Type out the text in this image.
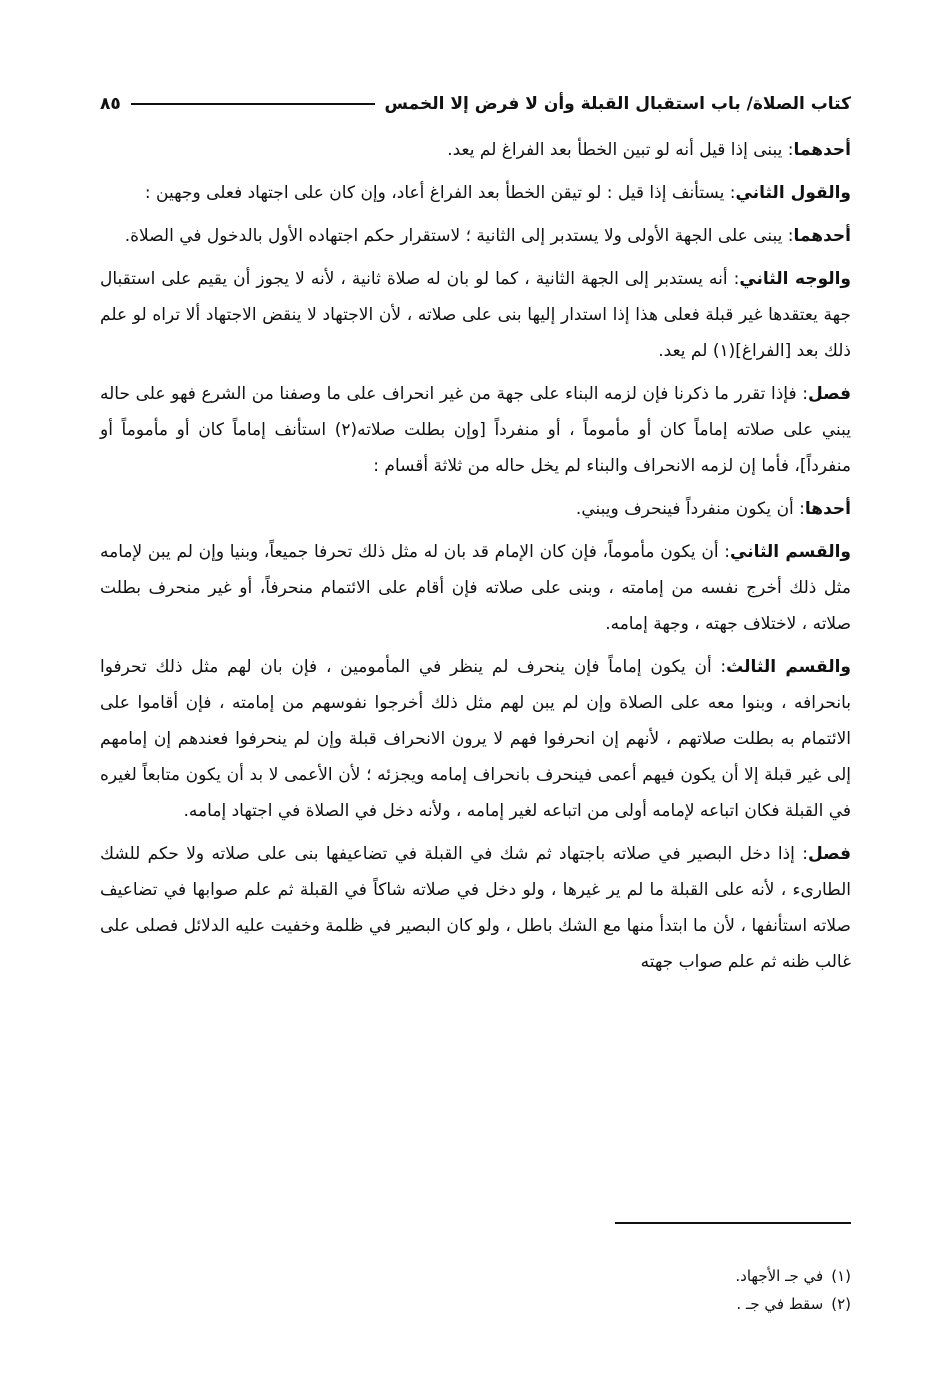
كتاب الصلاة/ باب استقبال القبلة وأن لا فرض إلا الخمس
٨٥

أحدهما: يبنى إذا قيل أنه لو تبين الخطأ بعد الفراغ لم يعد.

والقول الثاني: يستأنف إذا قيل : لو تيقن الخطأ بعد الفراغ أعاد، وإن كان على اجتهاد فعلى وجهين :

أحدهما: يبنى على الجهة الأولى ولا يستدبر إلى الثانية ؛ لاستقرار حكم اجتهاده الأول بالدخول في الصلاة.

والوجه الثاني: أنه يستدبر إلى الجهة الثانية ، كما لو بان له صلاة ثانية ، لأنه لا يجوز أن يقيم على استقبال جهة يعتقدها غير قبلة فعلى هذا إذا استدار إليها بنى على صلاته ، لأن الاجتهاد لا ينقض الاجتهاد ألا تراه لو علم ذلك بعد [الفراغ](١) لم يعد.

فصل: فإذا تقرر ما ذكرنا فإن لزمه البناء على جهة من غير انحراف على ما وصفنا من الشرع فهو على حاله يبني على صلاته إماماً كان أو مأموماً ، أو منفرداً [وإن بطلت صلاته(٢) استأنف إماماً كان أو مأموماً أو منفرداً]، فأما إن لزمه الانحراف والبناء لم يخل حاله من ثلاثة أقسام :

أحدها: أن يكون منفرداً فينحرف ويبني.

والقسم الثاني: أن يكون مأموماً، فإن كان الإمام قد بان له مثل ذلك تحرفا جميعاً، وبنيا وإن لم يبن لإمامه مثل ذلك أخرج نفسه من إمامته ، وبنى على صلاته فإن أقام على الائتمام منحرفاً، أو غير منحرف بطلت صلاته ، لاختلاف جهته ، وجهة إمامه.

والقسم الثالث: أن يكون إماماً فإن ينحرف لم ينظر في المأمومين ، فإن بان لهم مثل ذلك تحرفوا بانحرافه ، وبنوا معه على الصلاة وإن لم يبن لهم مثل ذلك أخرجوا نفوسهم من إمامته ، فإن أقاموا على الائتمام به بطلت صلاتهم ، لأنهم إن انحرفوا فهم لا يرون الانحراف قبلة وإن لم ينحرفوا فعندهم إن إمامهم إلى غير قبلة إلا أن يكون فيهم أعمى فينحرف بانحراف إمامه ويجزئه ؛ لأن الأعمى لا بد أن يكون متابعاً لغيره في القبلة فكان اتباعه لإمامه أولى من اتباعه لغير إمامه ، ولأنه دخل في الصلاة في اجتهاد إمامه.

فصل: إذا دخل البصير في صلاته باجتهاد ثم شك في القبلة في تضاعيفها بنى على صلاته ولا حكم للشك الطارىء ، لأنه على القبلة ما لم ير غيرها ، ولو دخل في صلاته شاكاً في القبلة ثم علم صوابها في تضاعيف صلاته استأنفها ، لأن ما ابتدأ منها مع الشك باطل ، ولو كان البصير في ظلمة وخفيت عليه الدلائل فصلى على غالب ظنه ثم علم صواب جهته

(١)في جـ الأجهاد.

(٢)سقط في جـ .
